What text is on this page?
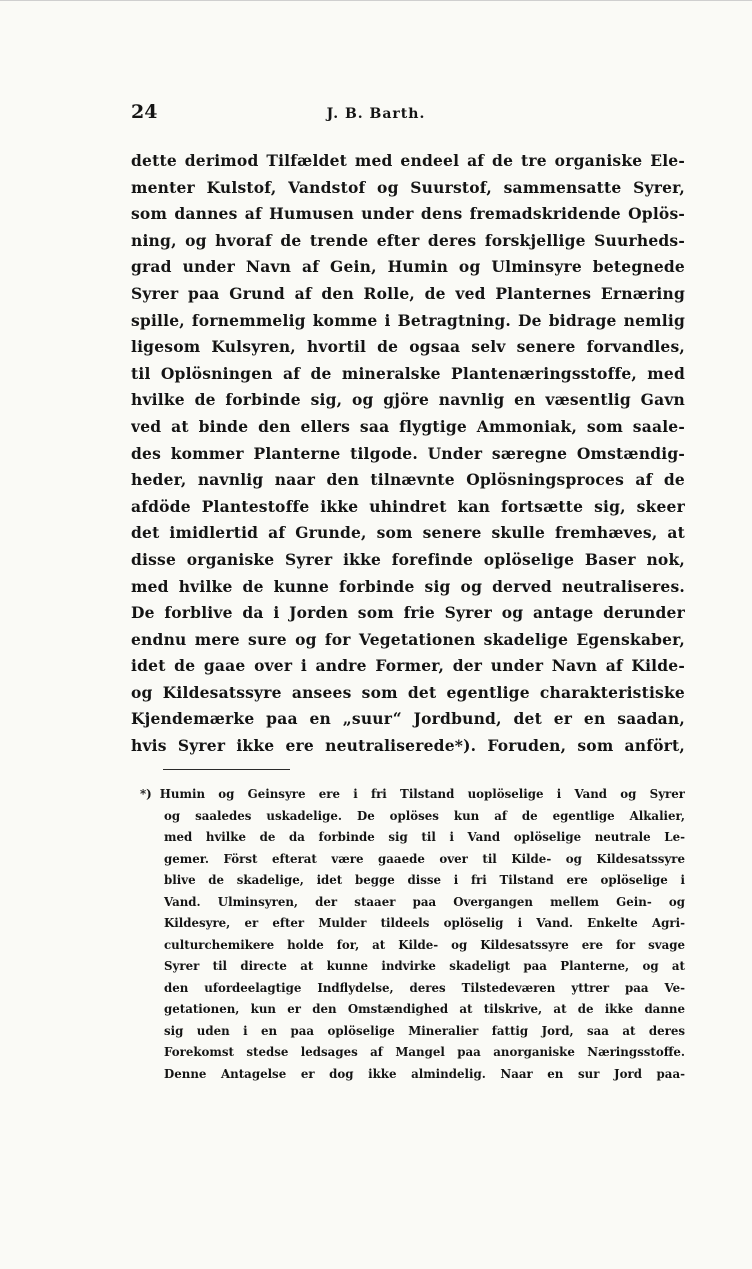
24	J. B. Barth.
dette derimod Tilfældet med endeel af de tre organiske Ele-
menter Kulstof, Vandstof og Suurstof, sammensatte Syrer,
som dannes af Humusen under dens fremadskridende Oplös-
ning, og hvoraf de trende efter deres forskjellige Suurheds-
grad under Navn af Gein, Humin og Ulminsyre betegnede
Syrer paa Grund af den Rolle, de ved Planternes Ernæring
spille, fornemmelig komme i Betragtning. De bidrage nemlig
ligesom Kulsyren, hvortil de ogsaa selv senere forvandles,
til Oplösningen af de mineralske Plantenæringsstoffe, med
hvilke de forbinde sig, og gjöre navnlig en væsentlig Gavn
ved at binde den ellers saa flygtige Ammoniak, som saale-
des kommer Planterne tilgode. Under særegne Omstændig-
heder, navnlig naar den tilnævnte Oplösningsproces af de
afdöde Plantestoffe ikke uhindret kan fortsætte sig, skeer
det imidlertid af Grunde, som senere skulle fremhæves, at
disse organiske Syrer ikke forefinde oplöselige Baser nok,
med hvilke de kunne forbinde sig og derved neutraliseres.
De forblive da i Jorden som frie Syrer og antage derunder
endnu mere sure og for Vegetationen skadelige Egenskaber,
idet de gaae over i andre Former, der under Navn af Kilde-
og Kildesatssyre ansees som det egentlige charakteristiske
Kjendemærke paa en „suur“ Jordbund, det er en saadan,
hvis Syrer ikke ere neutraliserede*). Foruden, som anfört,
*) Humin og Geinsyre ere i fri Tilstand uoplöselige i Vand og Syrer
og saaledes uskadelige. De oplöses kun af de egentlige Alkalier,
med hvilke de da forbinde sig til i Vand oplöselige neutrale Le-
gemer. Först efterat være gaaede over til Kilde- og Kildesatssyre
blive de skadelige, idet begge disse i fri Tilstand ere oplöselige i
Vand. Ulminsyren, der staaer paa Overgangen mellem Gein- og
Kildesyre, er efter Mulder tildeels oplöselig i Vand. Enkelte Agri-
culturchemikere holde for, at Kilde- og Kildesatssyre ere for svage
Syrer til directe at kunne indvirke skadeligt paa Planterne, og at
den ufordeelagtige Indflydelse, deres Tilstedeværen yttrer paa Ve-
getationen, kun er den Omstændighed at tilskrive, at de ikke danne
sig uden i en paa oplöselige Mineralier fattig Jord, saa at deres
Forekomst stedse ledsages af Mangel paa anorganiske Næringsstoffe.
Denne Antagelse er dog ikke almindelig. Naar en sur Jord paa-
